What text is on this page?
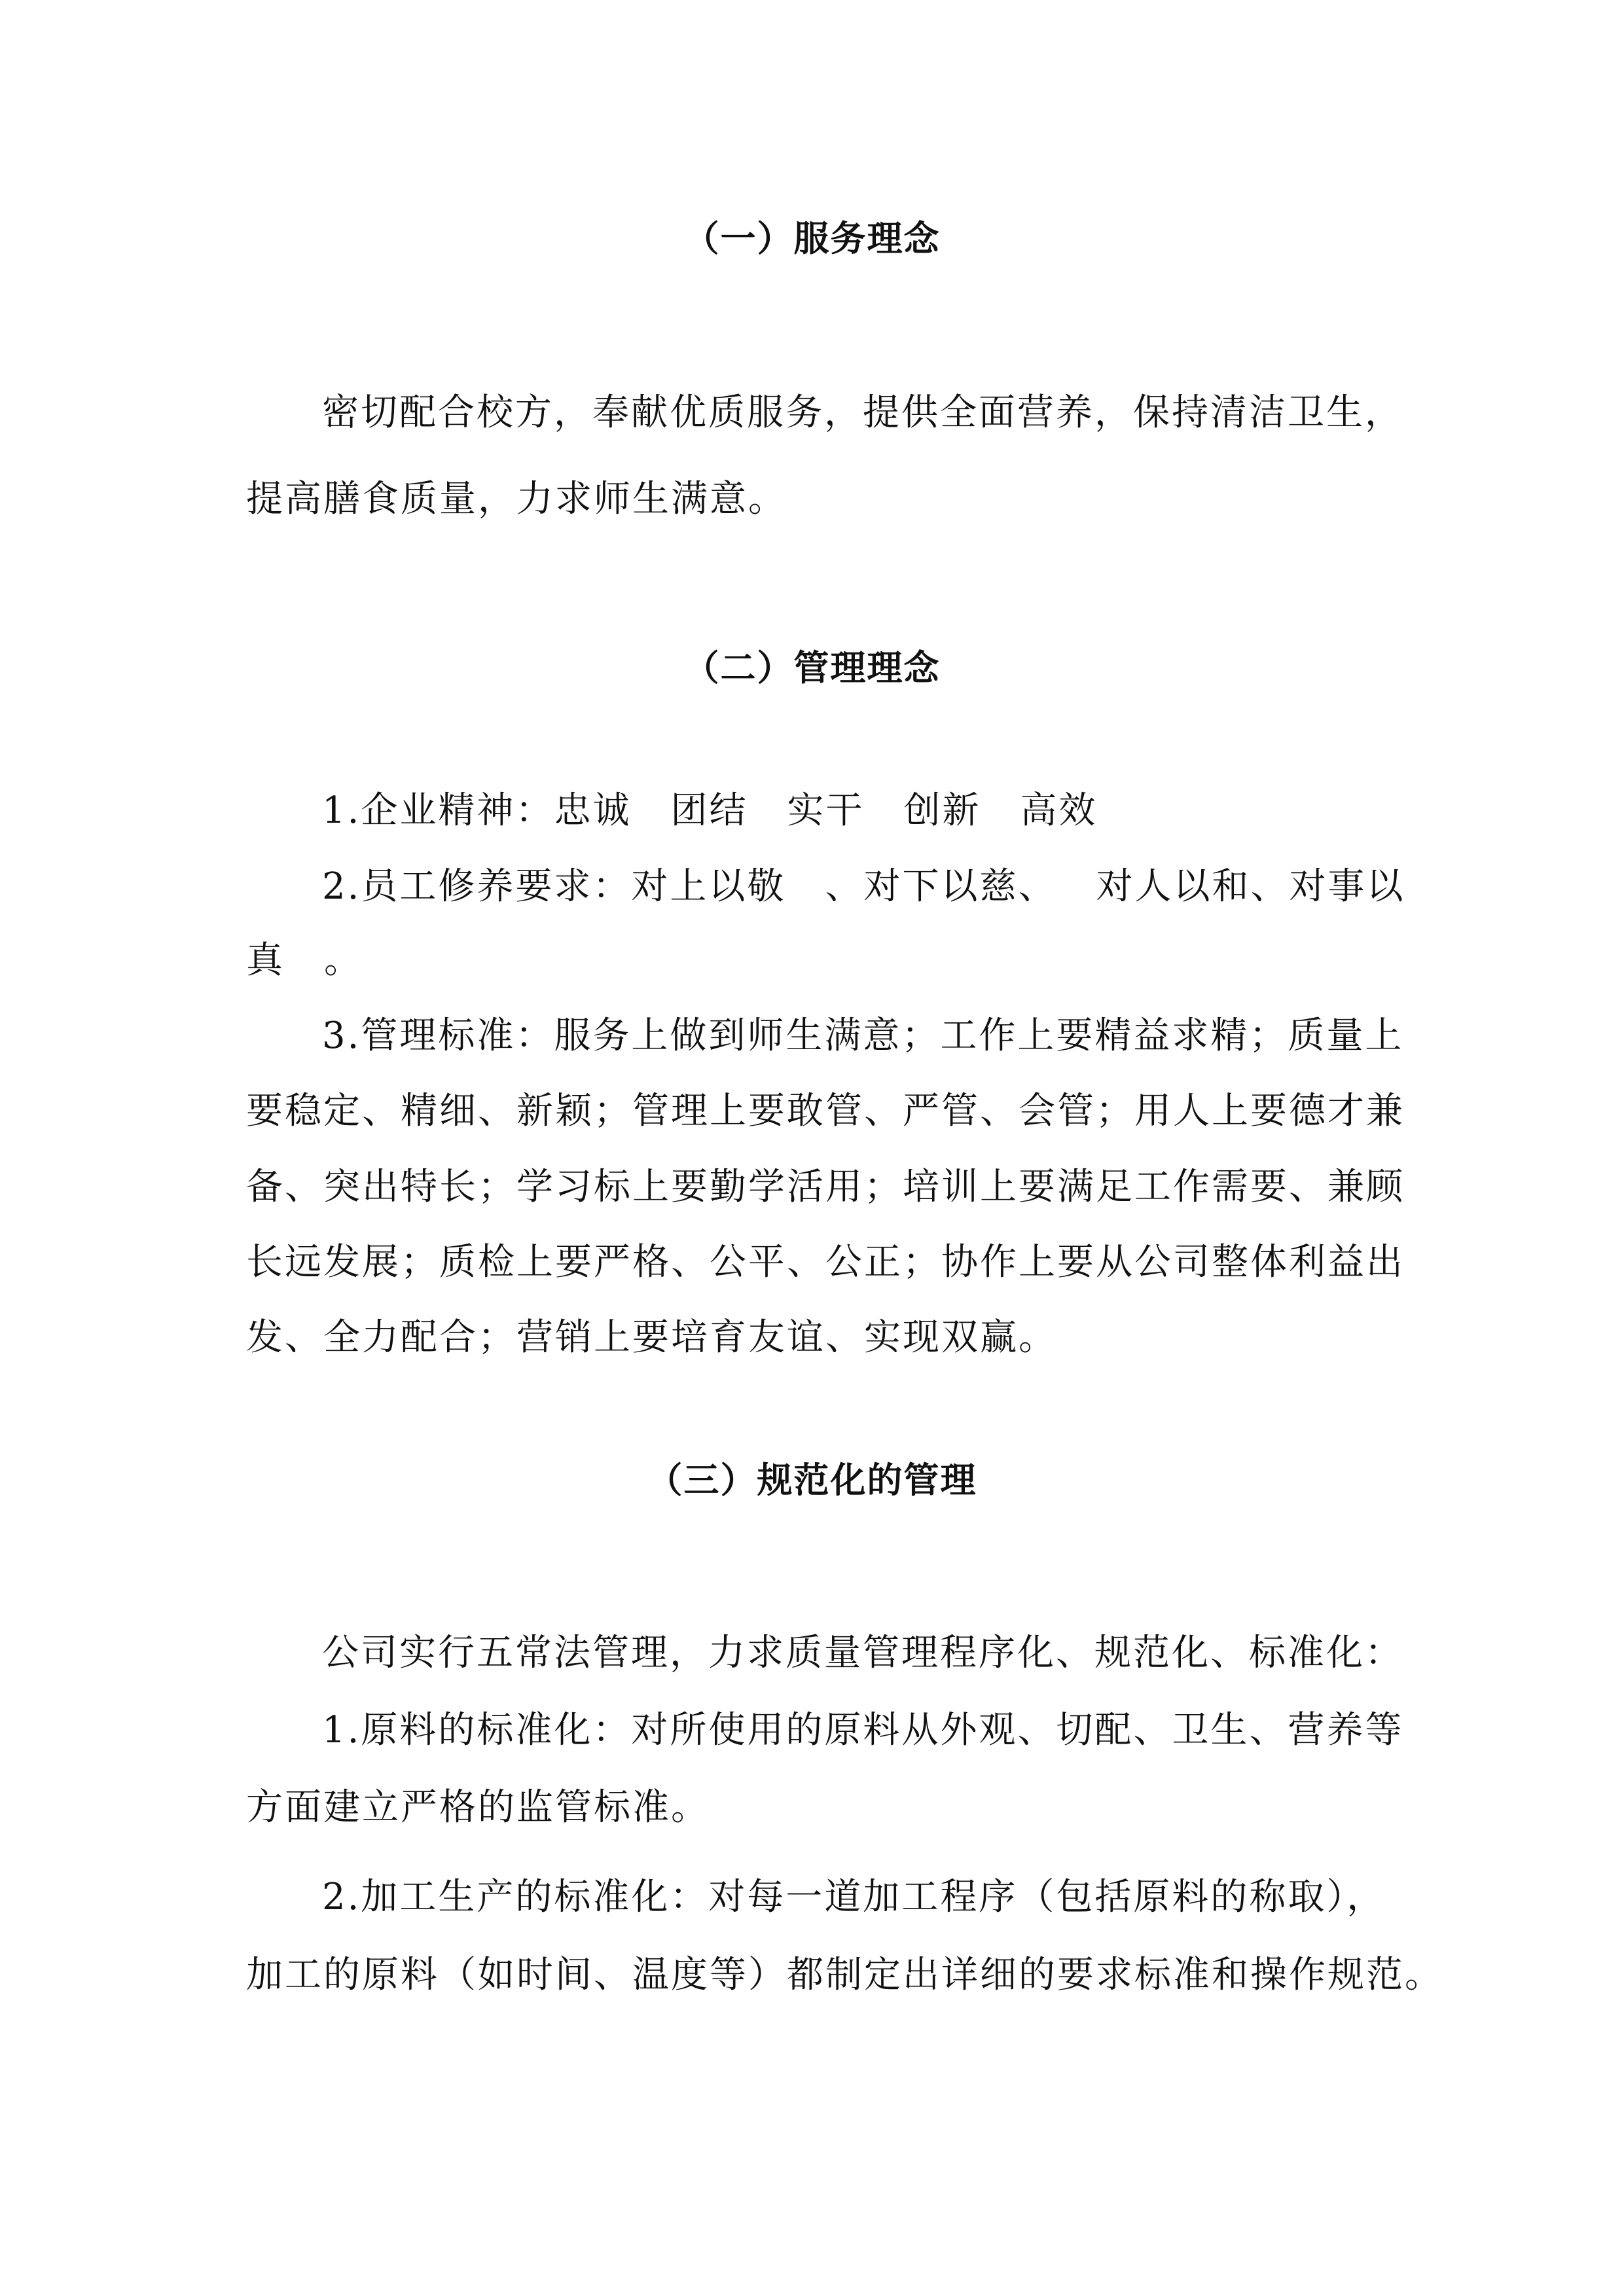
（一）服务理念

密切配合校方，奉献优质服务，提供全面营养，保持清洁卫生，

提高膳食质量，力求师生满意。

（二）管理理念

1.企业精神：忠诚 团结 实干 创新 高效

2.员工修养要求：对上以敬 、对下以慈、 对人以和、对事以

真 。

3.管理标准：服务上做到师生满意；工作上要精益求精；质量上

要稳定、精细、新颖；管理上要敢管、严管、会管；用人上要德才兼

备、突出特长；学习标上要勤学活用；培训上要满足工作需要、兼顾

长远发展；质检上要严格、公平、公正；协作上要从公司整体利益出

发、全力配合；营销上要培育友谊、实现双赢。

（三）规范化的管理

公司实行五常法管理，力求质量管理程序化、规范化、标准化：

1.原料的标准化：对所使用的原料从外观、切配、卫生、营养等

方面建立严格的监管标准。

2.加工生产的标准化：对每一道加工程序（包括原料的称取），

加工的原料（如时间、温度等）都制定出详细的要求标准和操作规范。
